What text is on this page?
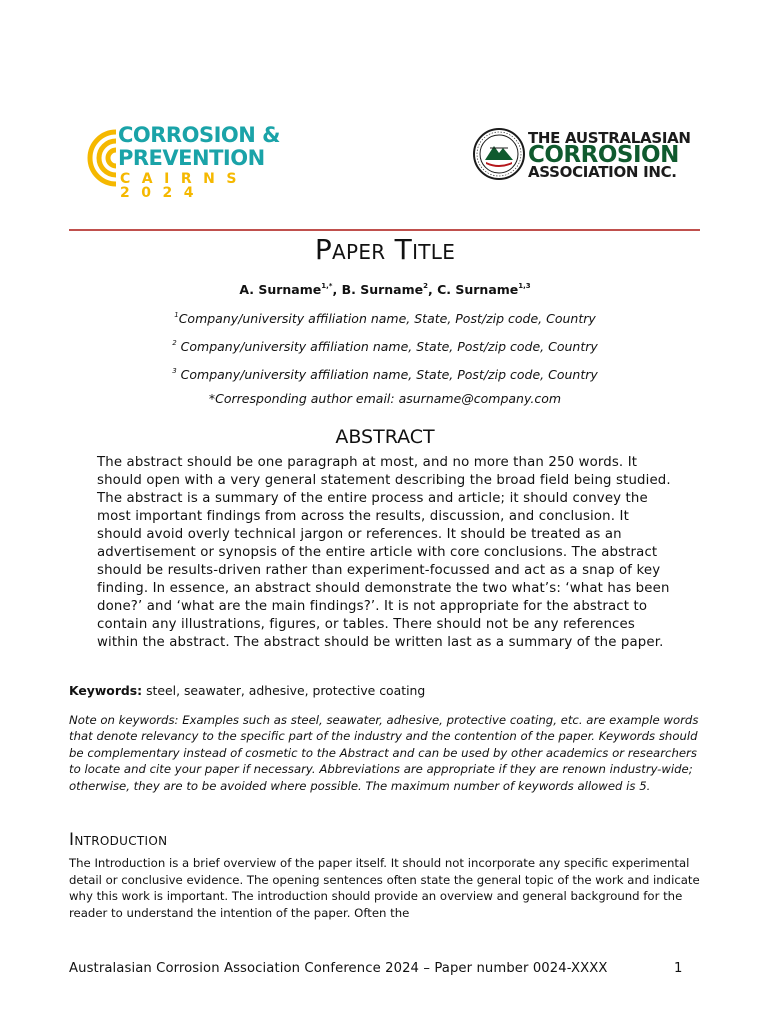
CORROSION &
PREVENTION
CAIRNS 2024
THE AUSTRALASIAN
CORROSION
ASSOCIATION INC.
Paper Title
A. Surname$^{1,*}$, B. Surname$^2$, C. Surname$^{1,3}$
$^1$Company/university affiliation name, State, Post/zip code, Country
$^2$ Company/university affiliation name, State, Post/zip code, Country
$^3$ Company/university affiliation name, State, Post/zip code, Country
*Corresponding author email: asurname@company.com
ABSTRACT

The abstract should be one paragraph at most, and no more than 250 words. It should open with a very general statement describing the broad field being studied. The abstract is a summary of the entire process and article; it should convey the most important findings from across the results, discussion, and conclusion. It should avoid overly technical jargon or references. It should be treated as an advertisement or synopsis of the entire article with core conclusions. The abstract should be results-driven rather than experiment-focussed and act as a snap of key finding. In essence, an abstract should demonstrate the two what’s: ‘what has been done?’ and ‘what are the main findings?’. It is not appropriate for the abstract to contain any illustrations, figures, or tables. There should not be any references within the abstract. The abstract should be written last as a summary of the paper.

Keywords: steel, seawater, adhesive, protective coating

Note on keywords: Examples such as steel, seawater, adhesive, protective coating, etc. are example words that denote relevancy to the specific part of the industry and the contention of the paper. Keywords should be complementary instead of cosmetic to the Abstract and can be used by other academics or researchers to locate and cite your paper if necessary. Abbreviations are appropriate if they are renown industry-wide; otherwise, they are to be avoided where possible. The maximum number of keywords allowed is 5.

Introduction

The Introduction is a brief overview of the paper itself. It should not incorporate any specific experimental detail or conclusive evidence. The opening sentences often state the general topic of the work and indicate why this work is important. The introduction should provide an overview and general background for the reader to understand the intention of the paper. Often the

Australasian Corrosion Association Conference 2024 – Paper number 0024-XXXX	1
